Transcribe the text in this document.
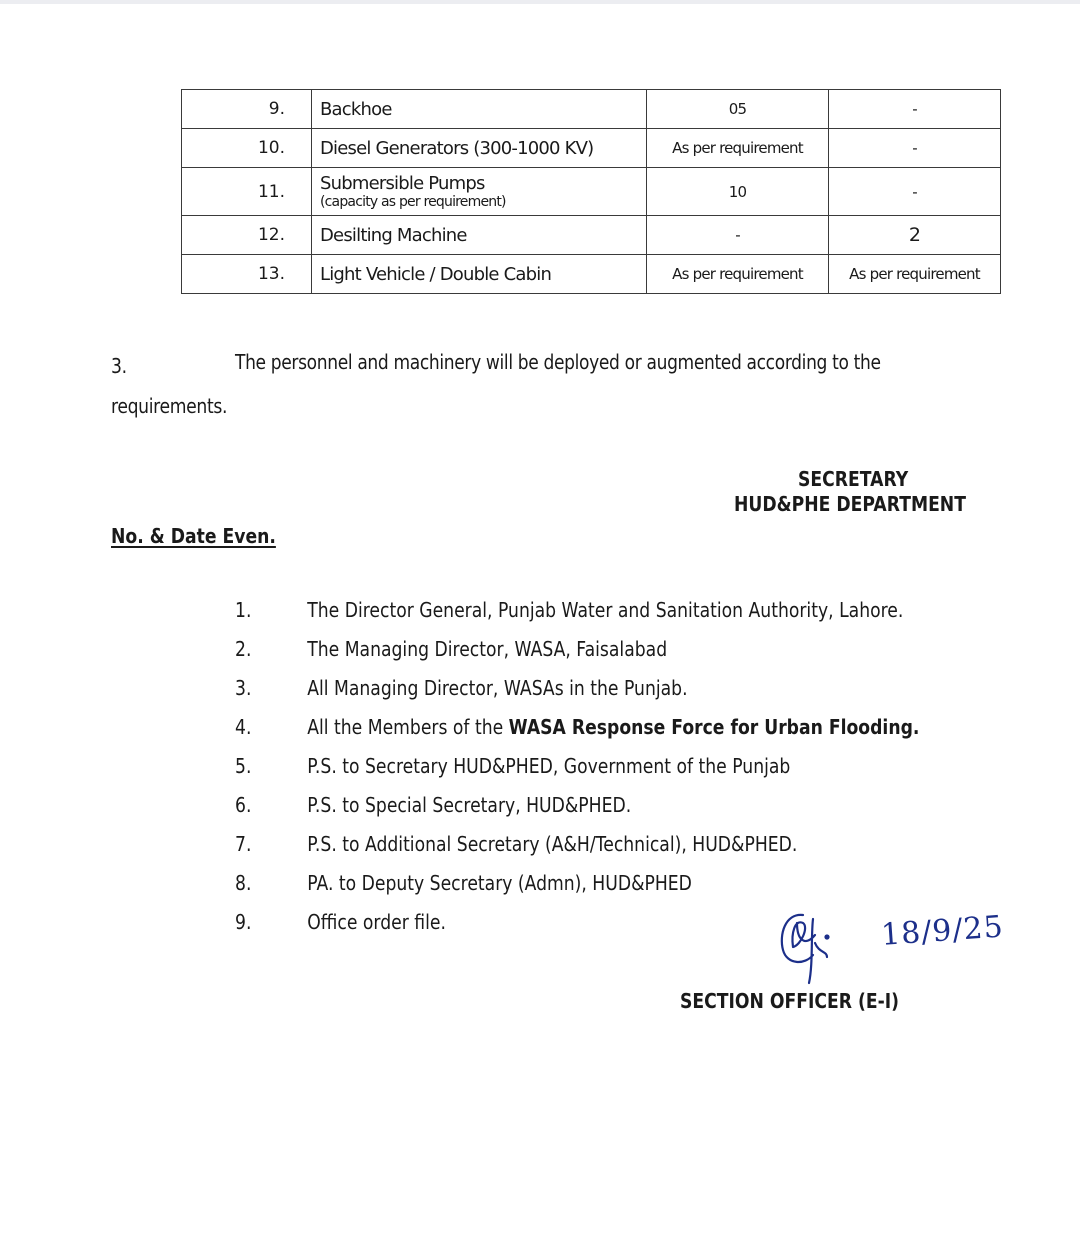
9.	Backhoe	05	-
10.	Diesel Generators (300-1000 KV)	As per requirement	-
11.	Submersible Pumps
(capacity as per requirement)	10	-
12.	Desilting Machine	-	2
13.	Light Vehicle / Double Cabin	As per requirement	As per requirement
3.	The personnel and machinery will be deployed or augmented according to the
requirements.
SECRETARY
HUD&PHE DEPARTMENT
No. & Date Even.
1.	The Director General, Punjab Water and Sanitation Authority, Lahore.
2.	The Managing Director, WASA, Faisalabad
3.	All Managing Director, WASAs in the Punjab.
4.	All the Members of the WASA Response Force for Urban Flooding.
5.	P.S. to Secretary HUD&PHED, Government of the Punjab
6.	P.S. to Special Secretary, HUD&PHED.
7.	P.S. to Additional Secretary (A&H/Technical), HUD&PHED.
8.	PA. to Deputy Secretary (Admn), HUD&PHED
9.	Office order file.	18/9/25
SECTION OFFICER (E-I)
